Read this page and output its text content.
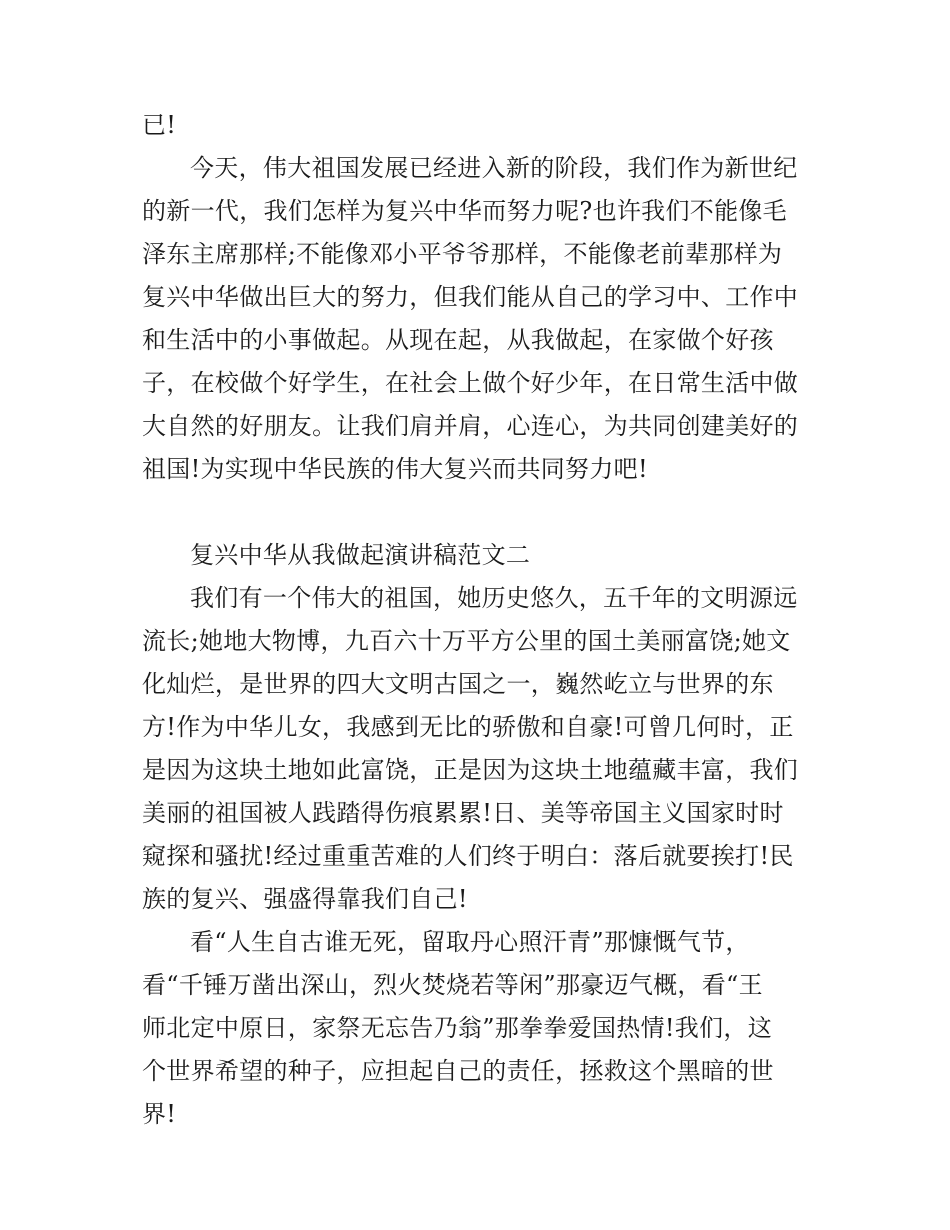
已!
今天，伟大祖国发展已经进入新的阶段，我们作为新世纪
的新一代，我们怎样为复兴中华而努力呢?也许我们不能像毛
泽东主席那样;不能像邓小平爷爷那样，不能像老前辈那样为
复兴中华做出巨大的努力，但我们能从自己的学习中、工作中
和生活中的小事做起。从现在起，从我做起，在家做个好孩
子，在校做个好学生，在社会上做个好少年，在日常生活中做
大自然的好朋友。让我们肩并肩，心连心，为共同创建美好的
祖国!为实现中华民族的伟大复兴而共同努力吧!
复兴中华从我做起演讲稿范文二
我们有一个伟大的祖国，她历史悠久，五千年的文明源远
流长;她地大物博，九百六十万平方公里的国土美丽富饶;她文
化灿烂，是世界的四大文明古国之一，巍然屹立与世界的东
方!作为中华儿女，我感到无比的骄傲和自豪!可曾几何时，正
是因为这块土地如此富饶，正是因为这块土地蕴藏丰富，我们
美丽的祖国被人践踏得伤痕累累!日、美等帝国主义国家时时
窥探和骚扰!经过重重苦难的人们终于明白：落后就要挨打!民
族的复兴、强盛得靠我们自己!
看“人生自古谁无死，留取丹心照汗青”那慷慨气节，
看“千锤万凿出深山，烈火焚烧若等闲”那豪迈气概，看“王
师北定中原日，家祭无忘告乃翁”那拳拳爱国热情!我们，这
个世界希望的种子，应担起自己的责任，拯救这个黑暗的世
界!
